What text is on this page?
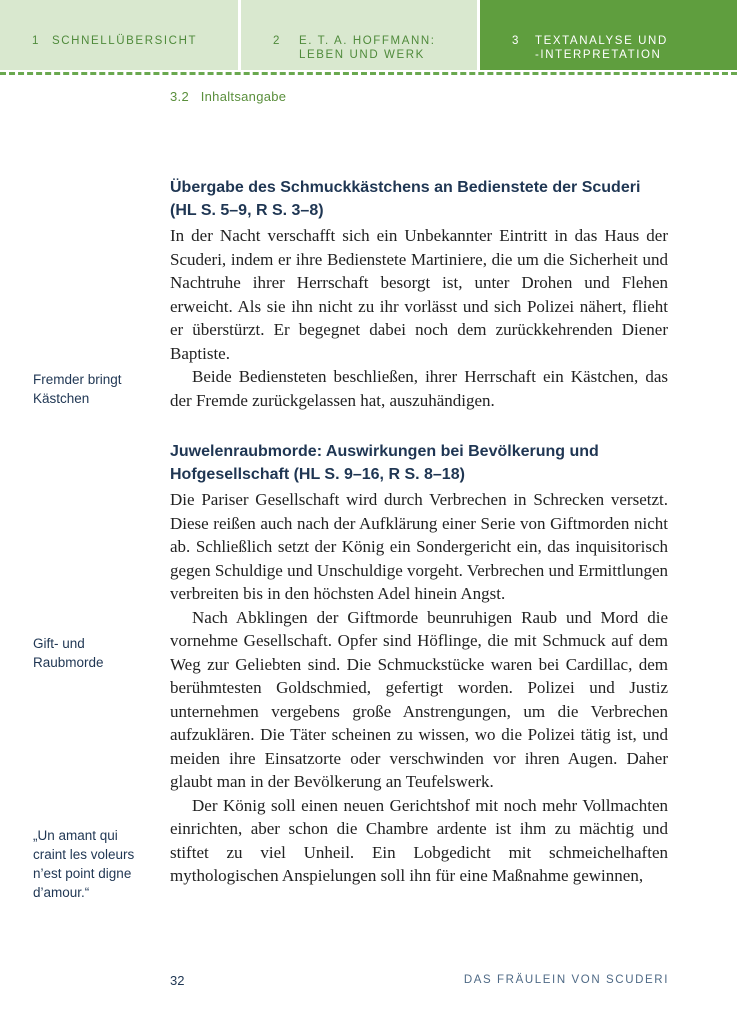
1 SCHNELLÜBERSICHT	2 E. T. A. HOFFMANN:
LEBEN UND WERK
3 TEXTANALYSE UND
-INTERPRETATION
3.2 Inhaltsangabe
Übergabe des Schmuckkästchens an Bedienstete der Scuderi (HL S. 5–9, R S. 3–8)

In der Nacht verschafft sich ein Unbekannter Eintritt in das Haus der Scuderi, indem er ihre Bedienstete Martiniere, die um die Sicherheit und Nachtruhe ihrer Herrschaft besorgt ist, unter Drohen und Flehen erweicht. Als sie ihn nicht zu ihr vorlässt und sich Polizei nähert, flieht er überstürzt. Er begegnet dabei noch dem zurückkehrenden Diener Baptiste.

Beide Bediensteten beschließen, ihrer Herrschaft ein Kästchen, das der Fremde zurückgelassen hat, auszuhändigen.

Juwelenraubmorde: Auswirkungen bei Bevölkerung und Hofgesellschaft (HL S. 9–16, R S. 8–18)

Die Pariser Gesellschaft wird durch Verbrechen in Schrecken versetzt. Diese reißen auch nach der Aufklärung einer Serie von Giftmorden nicht ab. Schließlich setzt der König ein Sondergericht ein, das inquisitorisch gegen Schuldige und Unschuldige vorgeht. Verbrechen und Ermittlungen verbreiten bis in den höchsten Adel hinein Angst.

Nach Abklingen der Giftmorde beunruhigen Raub und Mord die vornehme Gesellschaft. Opfer sind Höflinge, die mit Schmuck auf dem Weg zur Geliebten sind. Die Schmuckstücke waren bei Cardillac, dem berühmtesten Goldschmied, gefertigt worden. Polizei und Justiz unternehmen vergebens große Anstrengungen, um die Verbrechen aufzuklären. Die Täter scheinen zu wissen, wo die Polizei tätig ist, und meiden ihre Einsatzorte oder verschwinden vor ihren Augen. Daher glaubt man in der Bevölkerung an Teufelswerk.

Der König soll einen neuen Gerichtshof mit noch mehr Vollmachten einrichten, aber schon die Chambre ardente ist ihm zu mächtig und stiftet zu viel Unheil. Ein Lobgedicht mit schmeichelhaften mythologischen Anspielungen soll ihn für eine Maßnahme gewinnen,

Fremder bringt
Kästchen
Gift- und
Raubmorde
„Un amant qui
craint les voleurs
n’est point digne
d’amour.“
32	DAS FRÄULEIN VON SCUDERI
